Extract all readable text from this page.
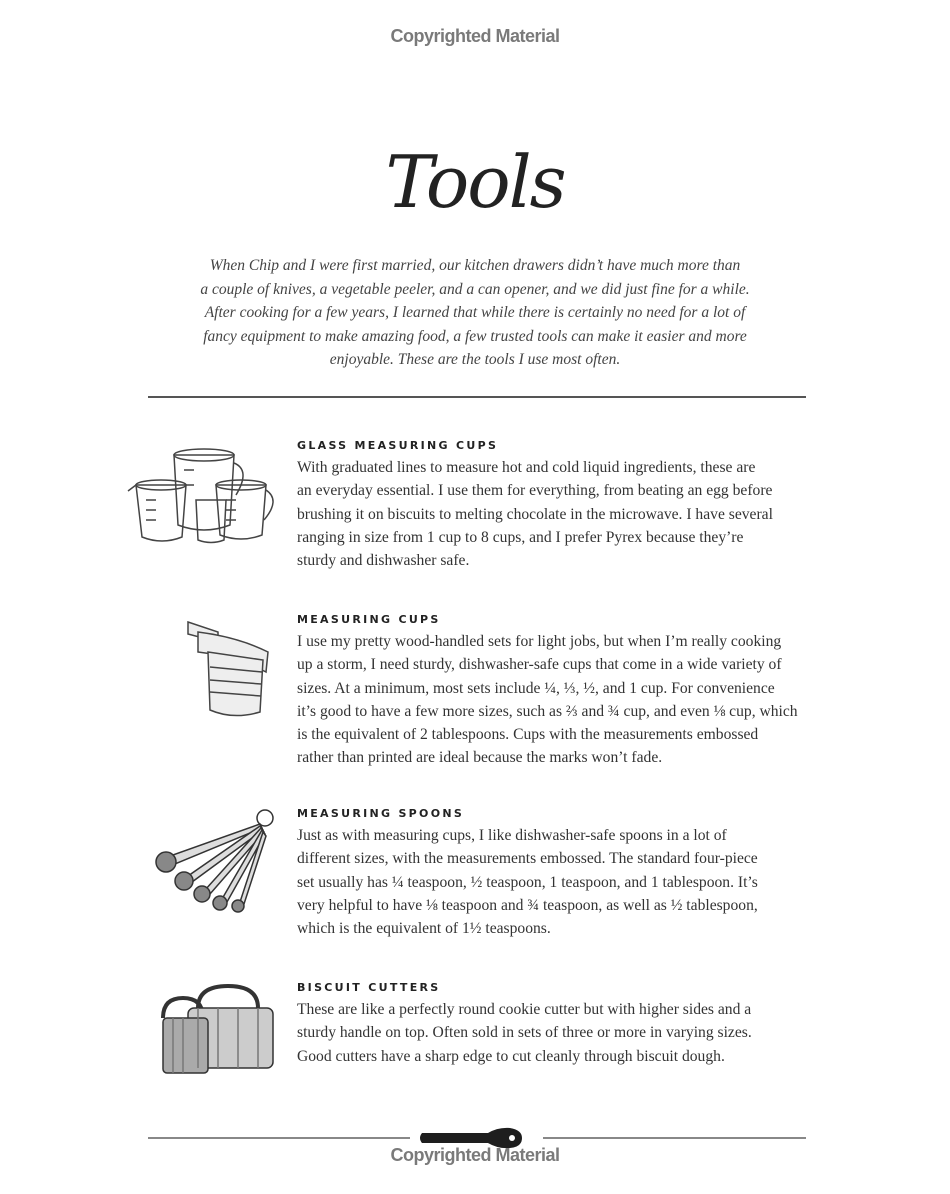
Copyrighted Material
Tools
When Chip and I were first married, our kitchen drawers didn’t have much more than
a couple of knives, a vegetable peeler, and a can opener, and we did just fine for a while.
After cooking for a few years, I learned that while there is certainly no need for a lot of
fancy equipment to make amazing food, a few trusted tools can make it easier and more
enjoyable. These are the tools I use most often.
GLASS MEASURING CUPS

With graduated lines to measure hot and cold liquid ingredients, these are
an everyday essential. I use them for everything, from beating an egg before
brushing it on biscuits to melting chocolate in the microwave. I have several
ranging in size from 1 cup to 8 cups, and I prefer Pyrex because they’re
sturdy and dishwasher safe.

MEASURING CUPS

I use my pretty wood-handled sets for light jobs, but when I’m really cooking
up a storm, I need sturdy, dishwasher-safe cups that come in a wide variety of
sizes. At a minimum, most sets include ¼, ⅓, ½, and 1 cup. For convenience
it’s good to have a few more sizes, such as ⅔ and ¾ cup, and even ⅛ cup, which
is the equivalent of 2 tablespoons. Cups with the measurements embossed
rather than printed are ideal because the marks won’t fade.

MEASURING SPOONS

Just as with measuring cups, I like dishwasher-safe spoons in a lot of
different sizes, with the measurements embossed. The standard four-piece
set usually has ¼ teaspoon, ½ teaspoon, 1 teaspoon, and 1 tablespoon. It’s
very helpful to have ⅛ teaspoon and ¾ teaspoon, as well as ½ tablespoon,
which is the equivalent of 1½ teaspoons.

BISCUIT CUTTERS

These are like a perfectly round cookie cutter but with higher sides and a
sturdy handle on top. Often sold in sets of three or more in varying sizes.
Good cutters have a sharp edge to cut cleanly through biscuit dough.

Copyrighted Material
